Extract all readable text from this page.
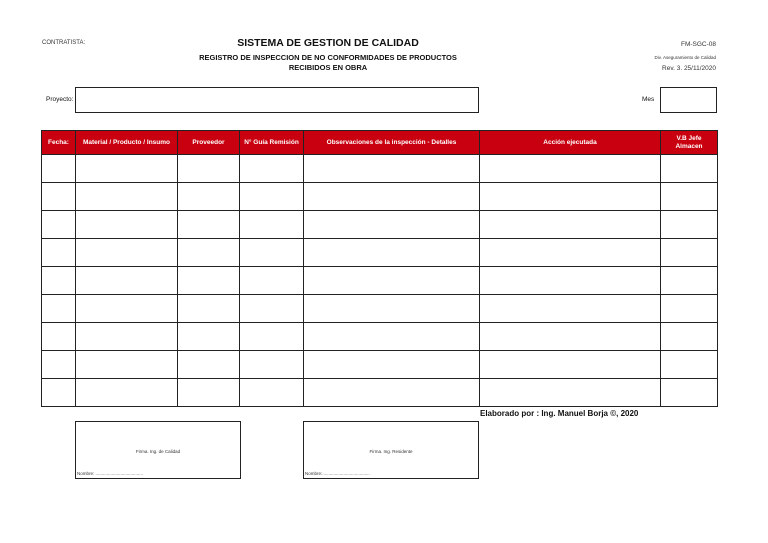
CONTRATISTA:	SISTEMA DE GESTION DE CALIDAD
REGISTRO DE INSPECCION DE NO CONFORMIDADES DE PRODUCTOS
RECIBIDOS EN OBRA
FM-SGC-08
Div. Aseguramiento de Calidad
Rev. 3. 25/11/2020
Proyecto:	Mes
Fecha:	Material / Producto / Insumo	Proveedor	N° Guía Remisión	Observaciones de la inspección - Detalles	Acción ejecutada	V.B Jefe Almacen

Elaborado por : Ing. Manuel Borja ©, 2020
Firma. Ing. de Calidad
Nombre: ......................................
Firma. Ing. Residente
Nombre:......................................
